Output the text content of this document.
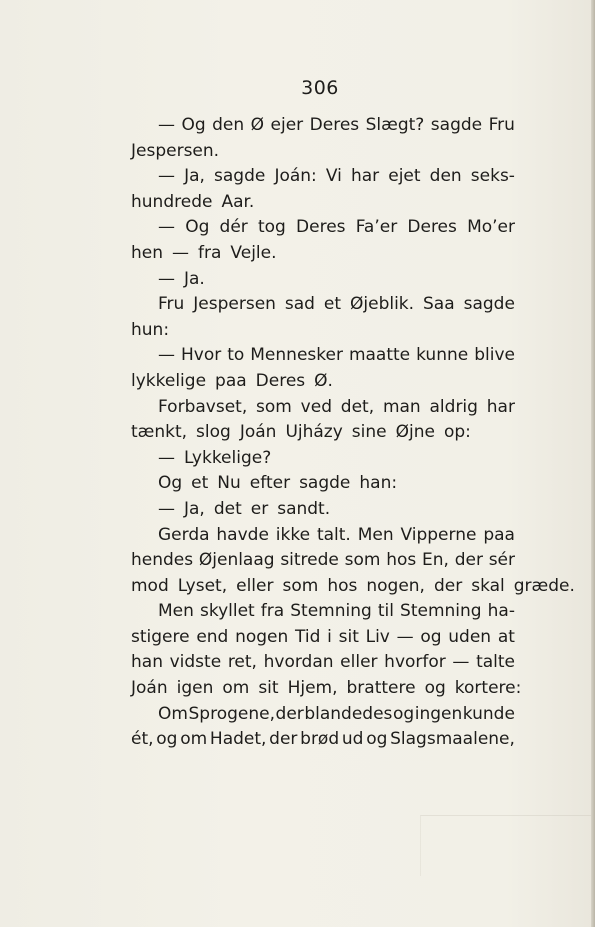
306
— Og den Ø ejer Deres Slægt? sagde Fru
Jespersen.
— Ja, sagde Joán: Vi har ejet den seks-
hundrede Aar.
— Og dér tog Deres Fa’er Deres Mo’er
hen — fra Vejle.
— Ja.
Fru Jespersen sad et Øjeblik. Saa sagde
hun:
— Hvor to Mennesker maatte kunne blive
lykkelige paa Deres Ø.
Forbavset, som ved det, man aldrig har
tænkt, slog Joán Ujházy sine Øjne op:
— Lykkelige?
Og et Nu efter sagde han:
— Ja, det er sandt.
Gerda havde ikke talt. Men Vipperne paa
hendes Øjenlaag sitrede som hos En, der sér
mod Lyset, eller som hos nogen, der skal græde.
Men skyllet fra Stemning til Stemning ha-
stigere end nogen Tid i sit Liv — og uden at
han vidste ret, hvordan eller hvorfor — talte
Joán igen om sit Hjem, brattere og kortere:
Om Sprogene, der blandedes og ingen kunde
ét, og om Hadet, der brød ud og Slagsmaalene,
